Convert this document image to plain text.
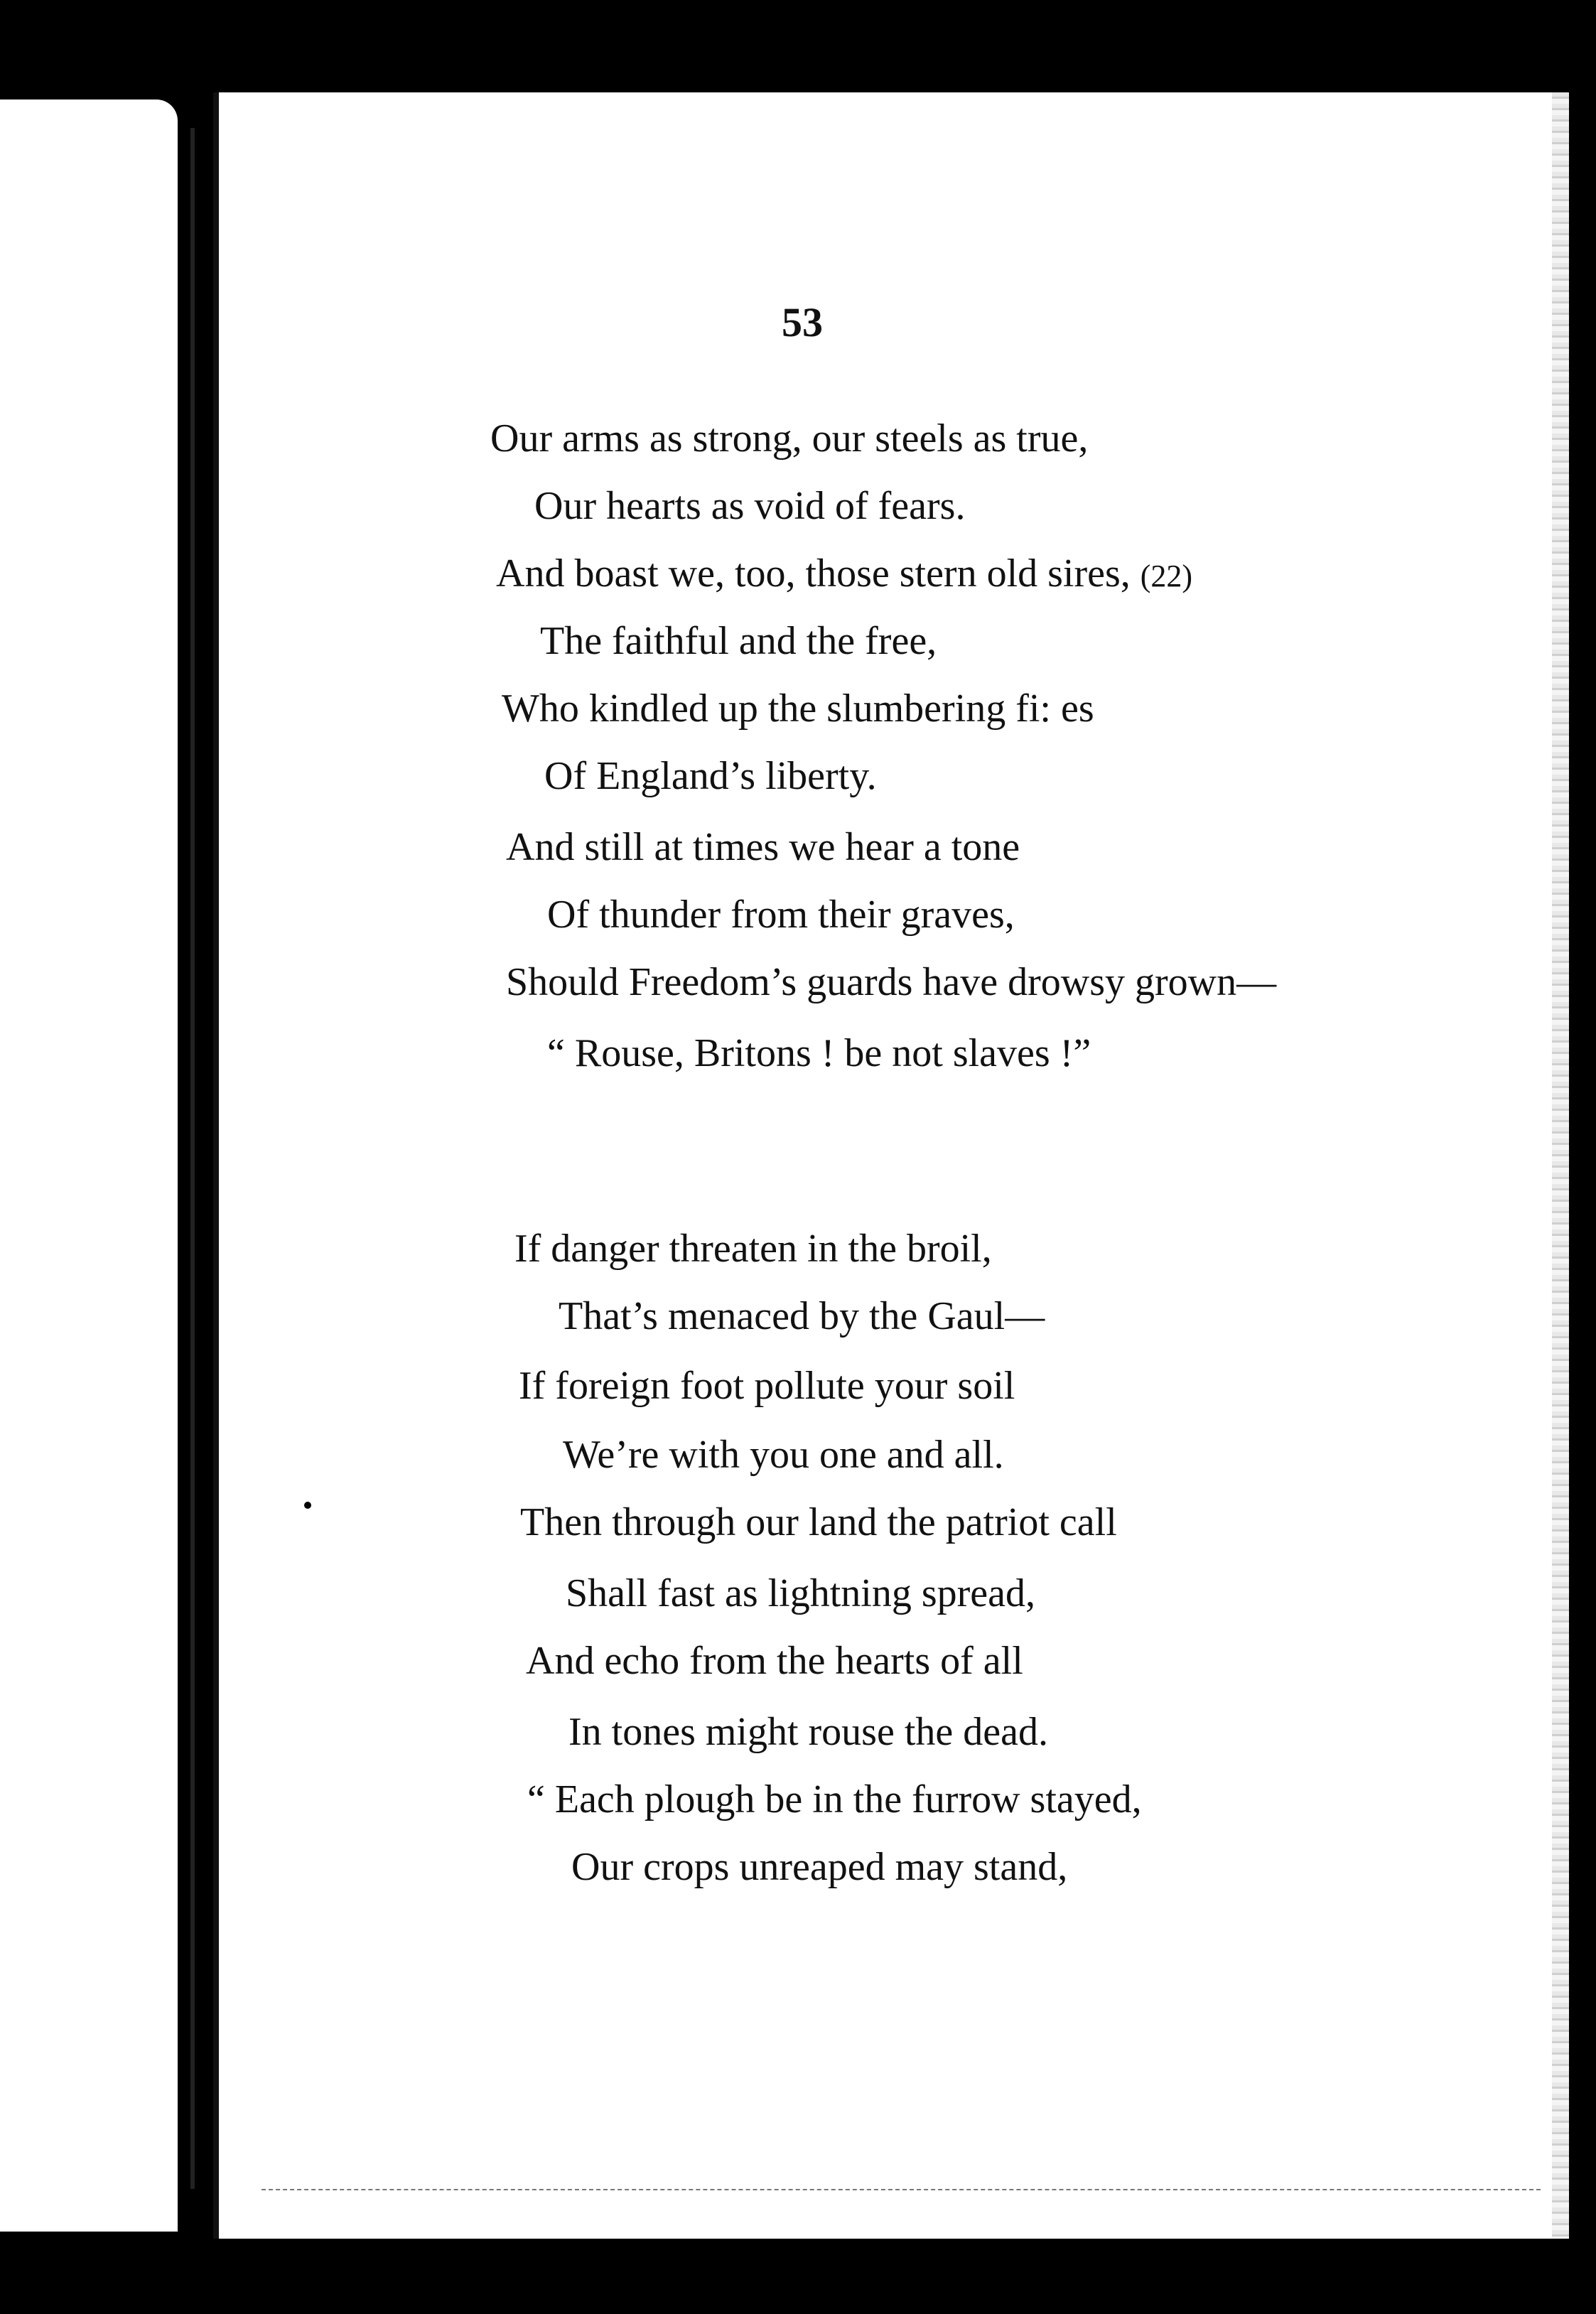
53
Our arms as strong, our steels as true,
Our hearts as void of fears.
And boast we, too, those stern old sires, (22)
The faithful and the free,
Who kindled up the slumbering fi: es
Of England’s liberty.
And still at times we hear a tone
Of thunder from their graves,
Should Freedom’s guards have drowsy grown—
“ Rouse, Britons ! be not slaves !”
If danger threaten in the broil,
That’s menaced by the Gaul—
If foreign foot pollute your soil
We’re with you one and all.
Then through our land the patriot call
Shall fast as lightning spread,
And echo from the hearts of all
In tones might rouse the dead.
“ Each plough be in the furrow stayed,
Our crops unreaped may stand,
